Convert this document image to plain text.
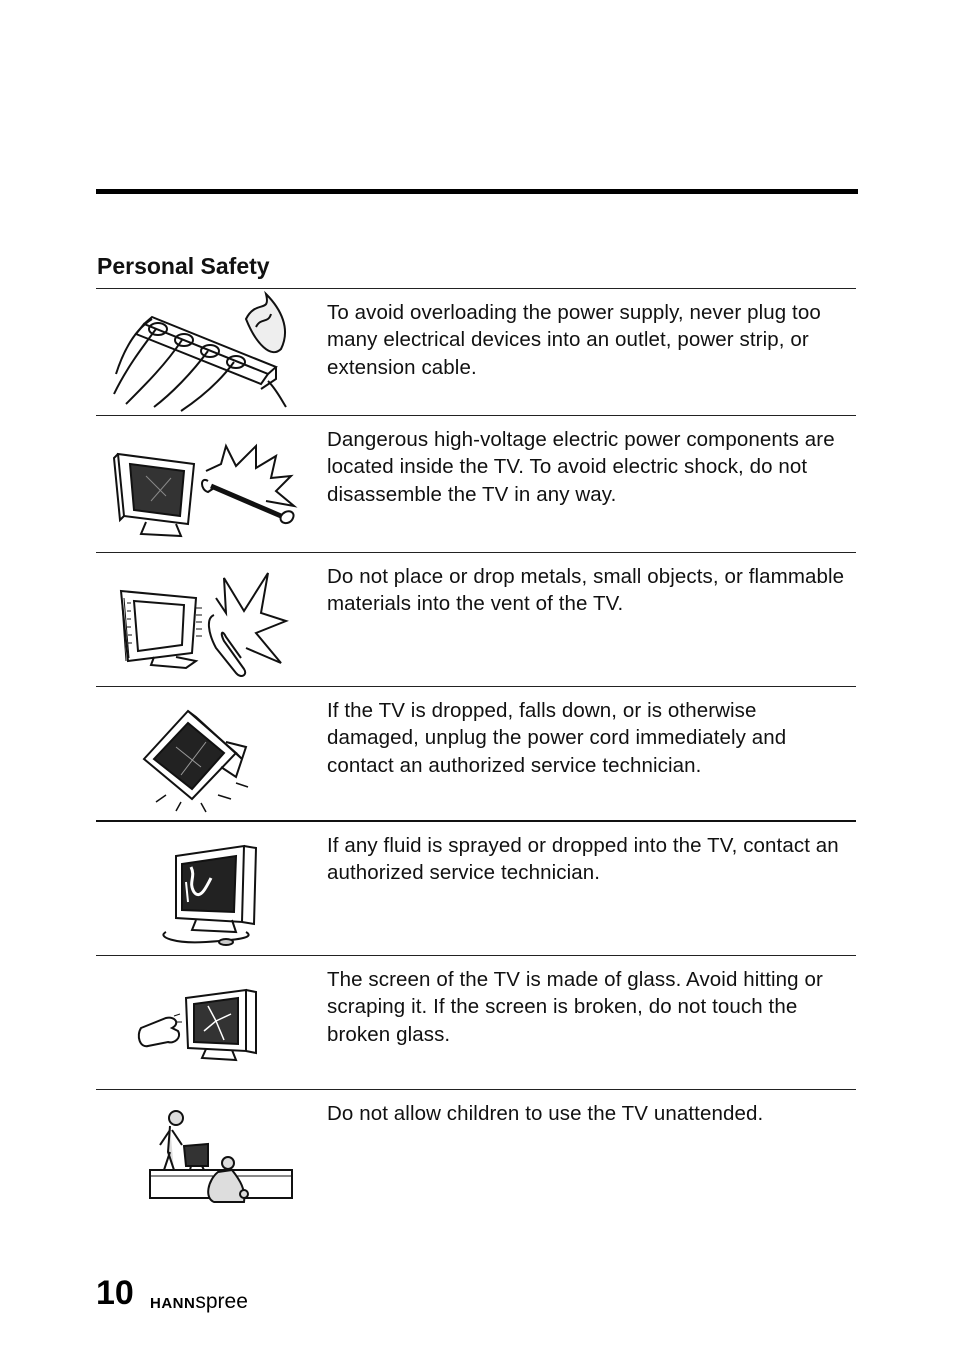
Personal Safety

To avoid overloading the power supply, never plug too many electrical devices into an outlet, power strip, or extension cable.

Dangerous high-voltage electric power components are located inside the TV. To avoid electric shock, do not disassemble the TV in any way.

Do not place or drop metals, small objects, or flammable materials into the vent of the TV.

If the TV is dropped, falls down, or is otherwise damaged, unplug the power cord immediately and contact an authorized service technician.

If any fluid is sprayed or dropped into the TV, contact an authorized service technician.

The screen of the TV is made of glass. Avoid hitting or scraping it. If the screen is broken, do not touch the broken glass.

Do not allow children to use the TV unattended.

10 HANNspree
